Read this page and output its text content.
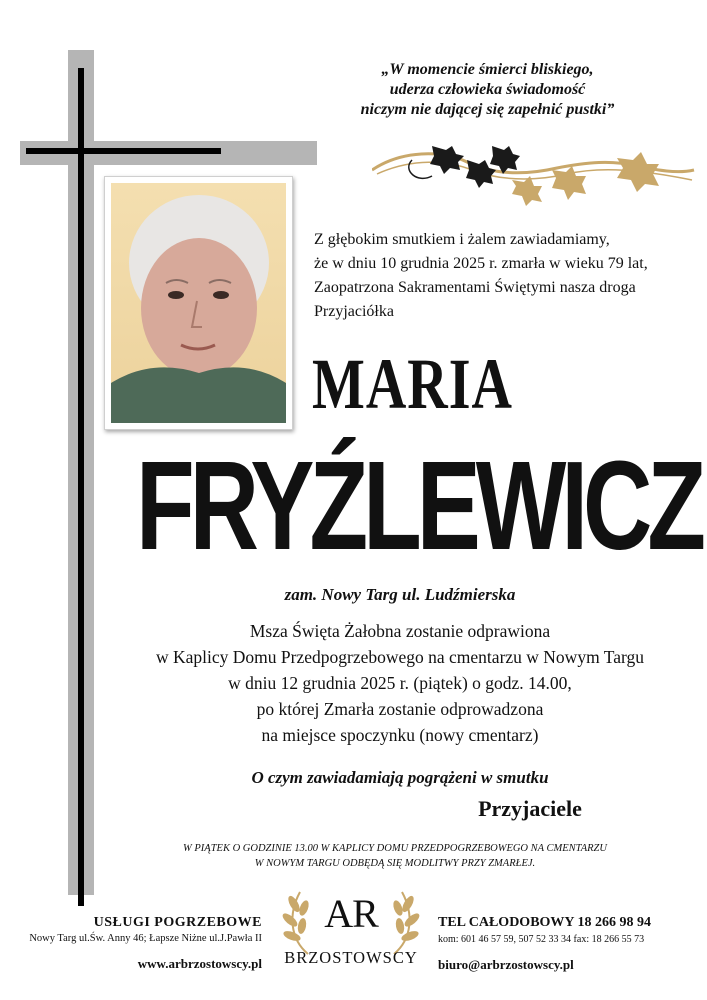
„W momencie śmierci bliskiego,
uderza człowieka świadomość
niczym nie dającej się zapełnić pustki”
Z głębokim smutkiem i żalem zawiadamiamy,
że w dniu 10 grudnia 2025 r. zmarła w wieku 79 lat,
Zaopatrzona Sakramentami Świętymi nasza droga
Przyjaciółka
MARIA
FRYŹLEWICZ
zam. Nowy Targ ul. Ludźmierska
Msza Święta Żałobna zostanie odprawiona
w Kaplicy Domu Przedpogrzebowego na cmentarzu w Nowym Targu
w dniu 12 grudnia 2025 r. (piątek) o godz. 14.00,
po której Zmarła zostanie odprowadzona
na miejsce spoczynku (nowy cmentarz)
O czym zawiadamiają pogrążeni w smutku
Przyjaciele
W PIĄTEK O GODZINIE 13.00 W KAPLICY DOMU PRZEDPOGRZEBOWEGO NA CMENTARZU
W NOWYM TARGU ODBĘDĄ SIĘ MODLITWY PRZY ZMARŁEJ.
USŁUGI POGRZEBOWE
Nowy Targ ul.Św. Anny 46; Łapsze Niżne ul.J.Pawła II
www.arbrzostowscy.pl
AR
BRZOSTOWSCY
TEL CAŁODOBOWY 18 266 98 94
kom: 601 46 57 59, 507 52 33 34 fax: 18 266 55 73
biuro@arbrzostowscy.pl
